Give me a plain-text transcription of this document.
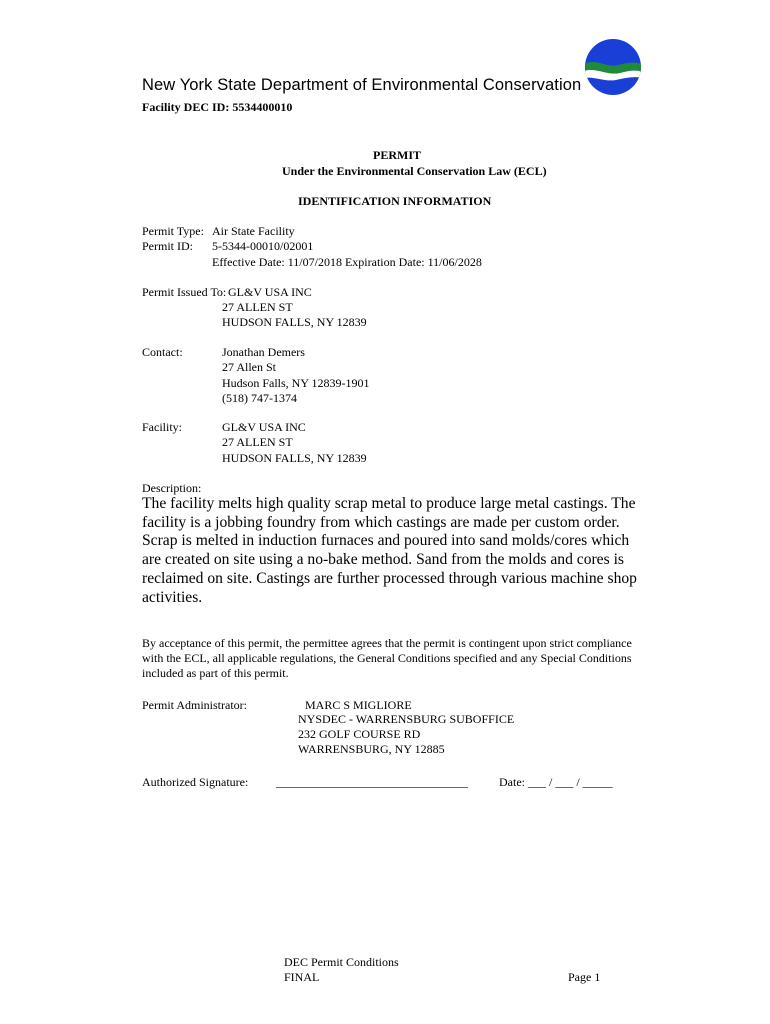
New York State Department of Environmental Conservation
Facility DEC ID: 5534400010
PERMIT
Under the Environmental Conservation Law (ECL)
IDENTIFICATION INFORMATION
Permit Type: Air State Facility
Permit ID: 5-5344-00010/02001
Effective Date: 11/07/2018 Expiration Date: 11/06/2028
Permit Issued To: GL&V USA INC
27 ALLEN ST
HUDSON FALLS, NY 12839
Contact:	Jonathan Demers
27 Allen St
Hudson Falls, NY 12839-1901
(518) 747-1374
Facility:	GL&V USA INC
27 ALLEN ST
HUDSON FALLS, NY 12839
Description:
The facility melts high quality scrap metal to produce large metal castings. The facility is a jobbing foundry from which castings are made per custom order. Scrap is melted in induction furnaces and poured into sand molds/cores which are created on site using a no-bake method. Sand from the molds and cores is reclaimed on site. Castings are further processed through various machine shop activities.
By acceptance of this permit, the permittee agrees that the permit is contingent upon strict compliance with the ECL, all applicable regulations, the General Conditions specified and any Special Conditions included as part of this permit.
Permit Administrator:	MARC S MIGLIORE
NYSDEC - WARRENSBURG SUBOFFICE
232 GOLF COURSE RD
WARRENSBURG, NY 12885
Authorized Signature: ________________________________	Date: ___ / ___ / _____
DEC Permit Conditions
FINAL	Page 1
